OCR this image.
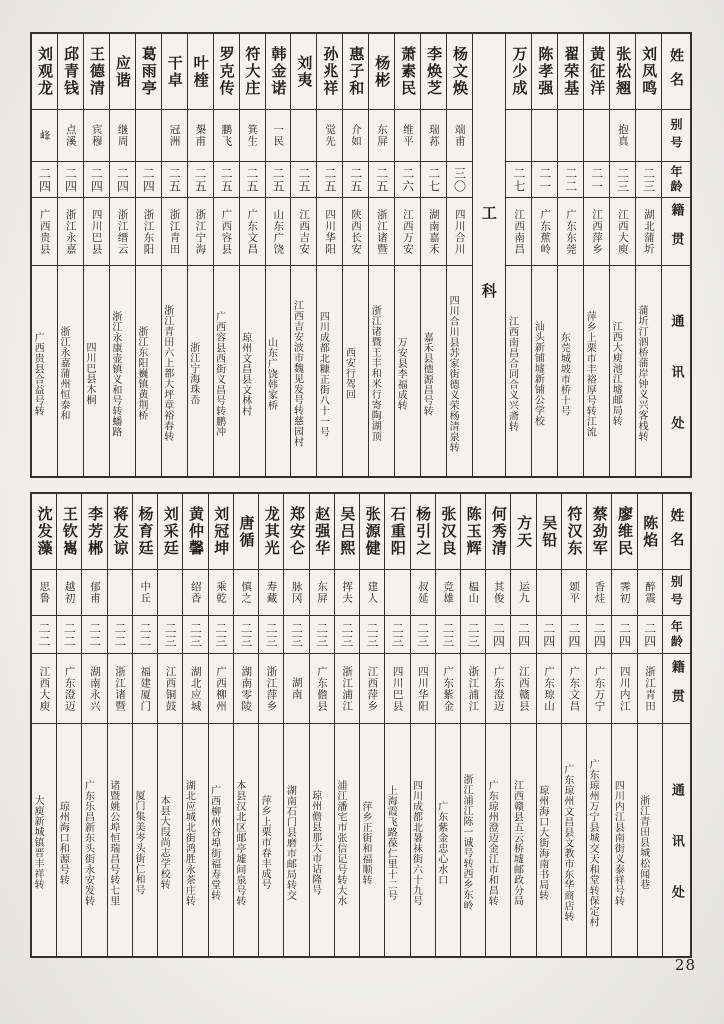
姓名
别号
年龄
籍贯
通讯处
刘凤鸣
二三
湖北蒲圻
蒲圻汀泗桥蒲岸钟义兴客栈转
张松翘
抱真
二三
江西大庾
江西大庾池江墟邮局转
黄征洋
二一
江西萍乡
萍乡上栗市丰裕厚号转江流
翟荣基
二二
广东东莞
东莞城坡市桥十号
陈孝强
二一
广东蕉岭
汕头新铺墟新铺公学校
万少成
二七
江西南昌
江西南昌合同合义兴斋转
工
科
杨文焕
端甫
三〇
四川合川
四川合川县苏家街德义荣杨清泉转
李焕芝
瑞荪
二七
湖南嘉禾
嘉禾县德源昌号转
萧素民
维平
二六
江西万安
万安县李福成转
杨彬
东屏
二五
浙江诸暨
浙江诸暨王丰和米行寄陶湖顶
惠子和
介如
二五
陕西长安
西安行驾回
孙兆祥
觉先
二五
四川华阳
四川成都北糠正街八十一号
刘夷
二五
江西吉安
江西吉安波市魏见发号转慈园村
韩金诺
一民
二五
山东广饶
山东广饶韩家桥
符大庄
箕生
二五
广东文昌
琼州文昌县文林村
罗克传
鹏飞
二五
广西容县
广西容县西街义昌号转鹏冲
叶楏
槼甫
二五
浙江宁海
浙江宁海珠岙
干卓
冠洲
二五
浙江青田
浙江青田六上都大坪章裕春转
葛雨亭
二四
浙江东阳
浙江东阳巍镇黄荆桥
应谐
继周
二四
浙江缙云
浙江永康壶镇义和号转蟠路
王德清
宾穆
二四
四川巴县
四川巴县木桐
邱青钱
点溪
二四
浙江永嘉
浙江永嘉蒲州恒泰和
刘观龙
峰
二四
广西贵县
广西贵县合益号转
姓名
别号
年龄
籍贯
通讯处
陈焰
醉震
二四
浙江青田
浙江青田县城松闻巷
廖维民
霁初
二四
四川内江
四川内江县南街义泰祥号转
蔡劲军
香烓
二四
广东万宁
广东琼州万宁县城交天和堂转保定村
符汉东
颂平
二四
广东文昌
广东琼州文昌县文教市东华商店转
吴铅
二四
广东琼山
琼州海口大街海南书局转
方天
运九
二四
江西赣县
江西赣县五云桥墟邮政分局
何秀清
其俊
二四
广东澄迈
广东琼州澄迈金江市和昌转
陈玉辉
榅山
二三
浙江浦江
浙江浦江陈一诚号转西乡东岭
张汉良
竞雄
二三
广东紫金
广东紫金忠心水口
杨引之
叔延
二三
四川华阳
四川成都北暑袜街六十九号
石重阳
二三
四川巴县
上海霞飞路葆仁里十二号
张源健
建人
二三
江西萍乡
萍乡正街和福顺转
吴吕熙
挥夫
二三
浙江浦江
浦江潘宅市张信记号转大水
赵强华
东屏
二三
广东儋县
琼州儋县那大市诘隆号
郑安仑
脉冈
二三
湖南
湖南石门县磨市邮局转交
龙其光
寿藏
二三
浙江萍乡
萍乡上栗市春丰成号
唐循
慎之
二三
湖南零陵
本县汉北区邮亭墟间泉号转
刘冠坤
乘乾
二三
广西柳州
广西柳州谷埠街福寿堂转
黄仲馨
绍香
二三
湖北应城
湖北应城北街鸿胜永茶庄转
刘采廷
二三
江西铜鼓
本县大叚尚志学校转
杨育廷
中丘
二二
福建厦门
厦门集美岑头街仁和号
蒋友谅
二二
浙江诸暨
诸暨姚公埠恒瑞昌号转七里
李芳郴
郁甫
二二
湖南永兴
广东乐昌新东头街永安发转
王钦嶲
越初
二二
广东澄迈
琼州海口和源号转
沈发藻
思鲁
二二
江西大庾
大庾新城镇晋丰祥转
28
